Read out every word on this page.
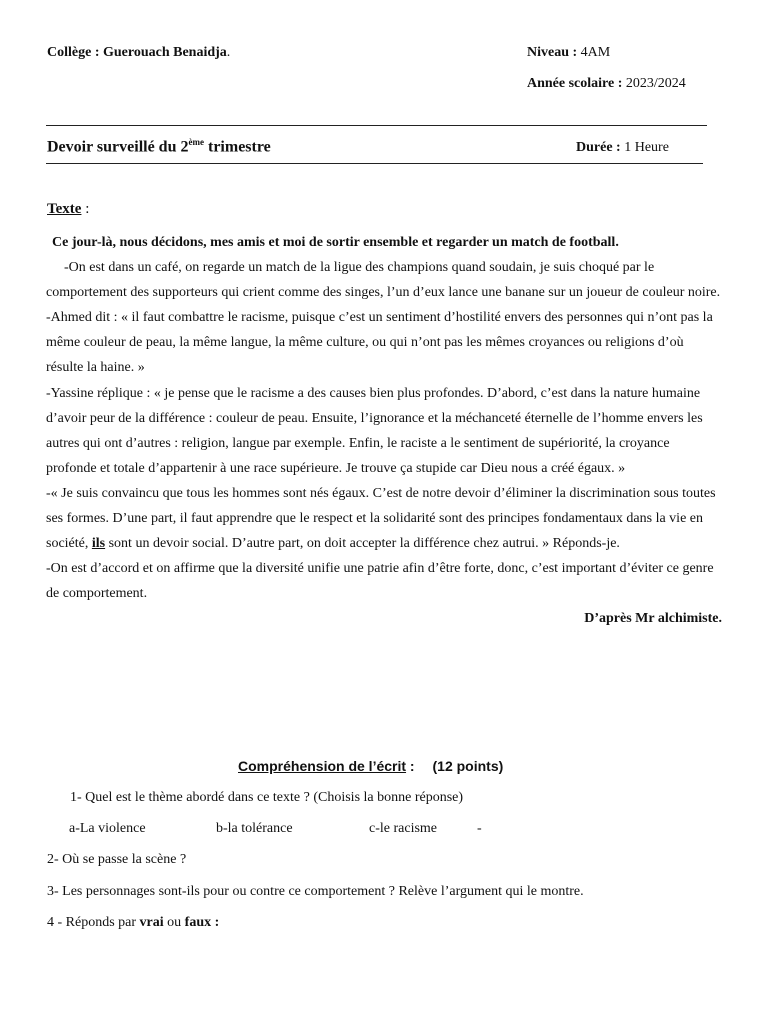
Collège : Guerouach Benaidja.	Niveau : 4AM
Année scolaire : 2023/2024
Devoir surveillé du 2ème trimestre	Durée : 1 Heure
Texte :

Ce jour-là, nous décidons, mes amis et moi de sortir ensemble et regarder un match de football.

-On est dans un café, on regarde un match de la ligue des champions quand soudain, je suis choqué par le comportement des supporteurs qui crient comme des singes, l’un d’eux lance une banane sur un joueur de couleur noire.

-Ahmed dit : « il faut combattre le racisme, puisque c’est un sentiment d’hostilité envers des personnes qui n’ont pas la même couleur de peau, la même langue, la même culture, ou qui n’ont pas les mêmes croyances ou religions d’où résulte la haine. »

-Yassine réplique : « je pense que le racisme a des causes bien plus profondes. D’abord, c’est dans la nature humaine d’avoir peur de la différence : couleur de peau. Ensuite, l’ignorance et la méchanceté éternelle de l’homme envers les autres qui ont d’autres : religion, langue par exemple. Enfin, le raciste a le sentiment de supériorité, la croyance profonde et totale d’appartenir à une race supérieure. Je trouve ça stupide car Dieu nous a créé égaux. »

-« Je suis convaincu que tous les hommes sont nés égaux. C’est de notre devoir d’éliminer la discrimination sous toutes ses formes. D’une part, il faut apprendre que le respect et la solidarité sont des principes fondamentaux dans la vie en société, ils sont un devoir social. D’autre part, on doit accepter la différence chez autrui. » Réponds-je.

-On est d’accord et on affirme que la diversité unifie une patrie afin d’être forte, donc, c’est important d’éviter ce genre de comportement.

D’après Mr alchimiste.

Compréhension de l’écrit : (12 points)
1- Quel est le thème abordé dans ce texte ? (Choisis la bonne réponse)
a-La violence	b-la tolérance	c-le racisme	-
2- Où se passe la scène ?
3- Les personnages sont-ils pour ou contre ce comportement ? Relève l’argument qui le montre.
4 - Réponds par vrai ou faux :
